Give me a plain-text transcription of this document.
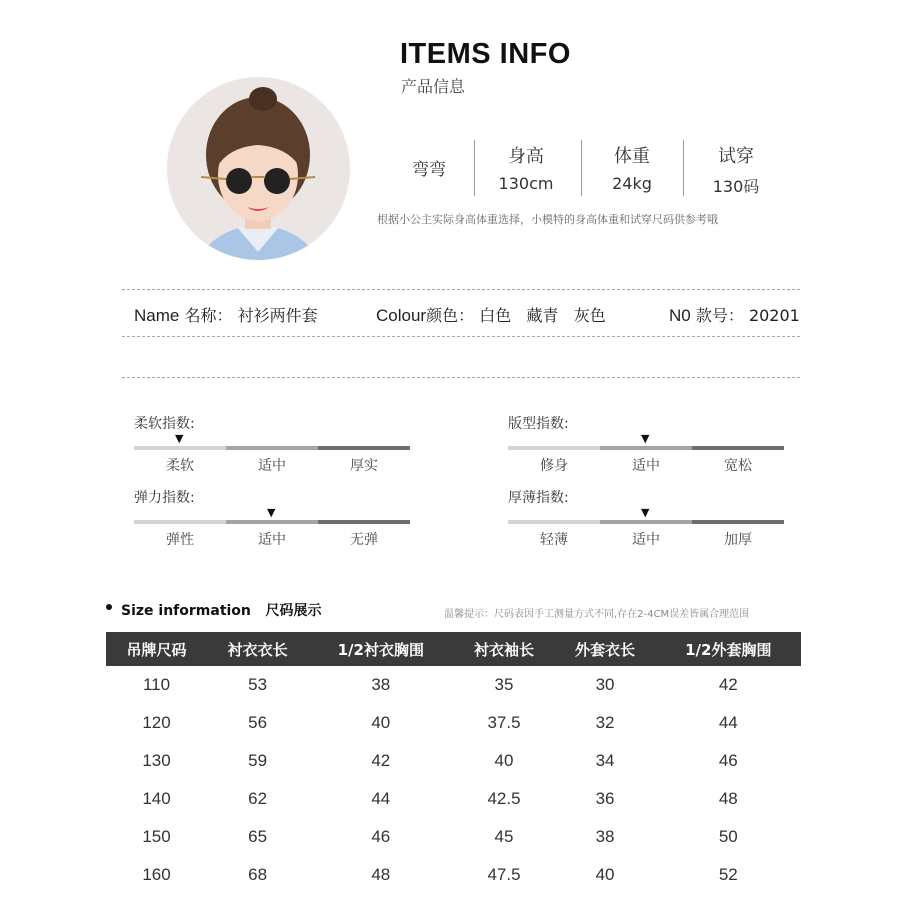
ITEMS INFO
产品信息
弯弯
身高
130cm
体重
24kg
试穿
130码
根据小公主实际身高体重选择，小模特的身高体重和试穿尺码供参考哦
Name 名称： 衬衫两件套	Colour颜色： 白色   藏青   灰色	N0 款号： 20201
柔软指数:
▼
柔软	适中	厚实
版型指数:
▼
修身	适中	宽松
弹力指数:
▼
弹性	适中	无弹
厚薄指数:
▼
轻薄	适中	加厚
Size information   尺码展示	温馨提示：尺码表因手工测量方式不同,存在2-4CM误差皆属合理范围
吊牌尺码	衬衣衣长	1/2衬衣胸围	衬衣袖长	外套衣长	1/2外套胸围
110	53	38	35	30	42
120	56	40	37.5	32	44
130	59	42	40	34	46
140	62	44	42.5	36	48
150	65	46	45	38	50
160	68	48	47.5	40	52
